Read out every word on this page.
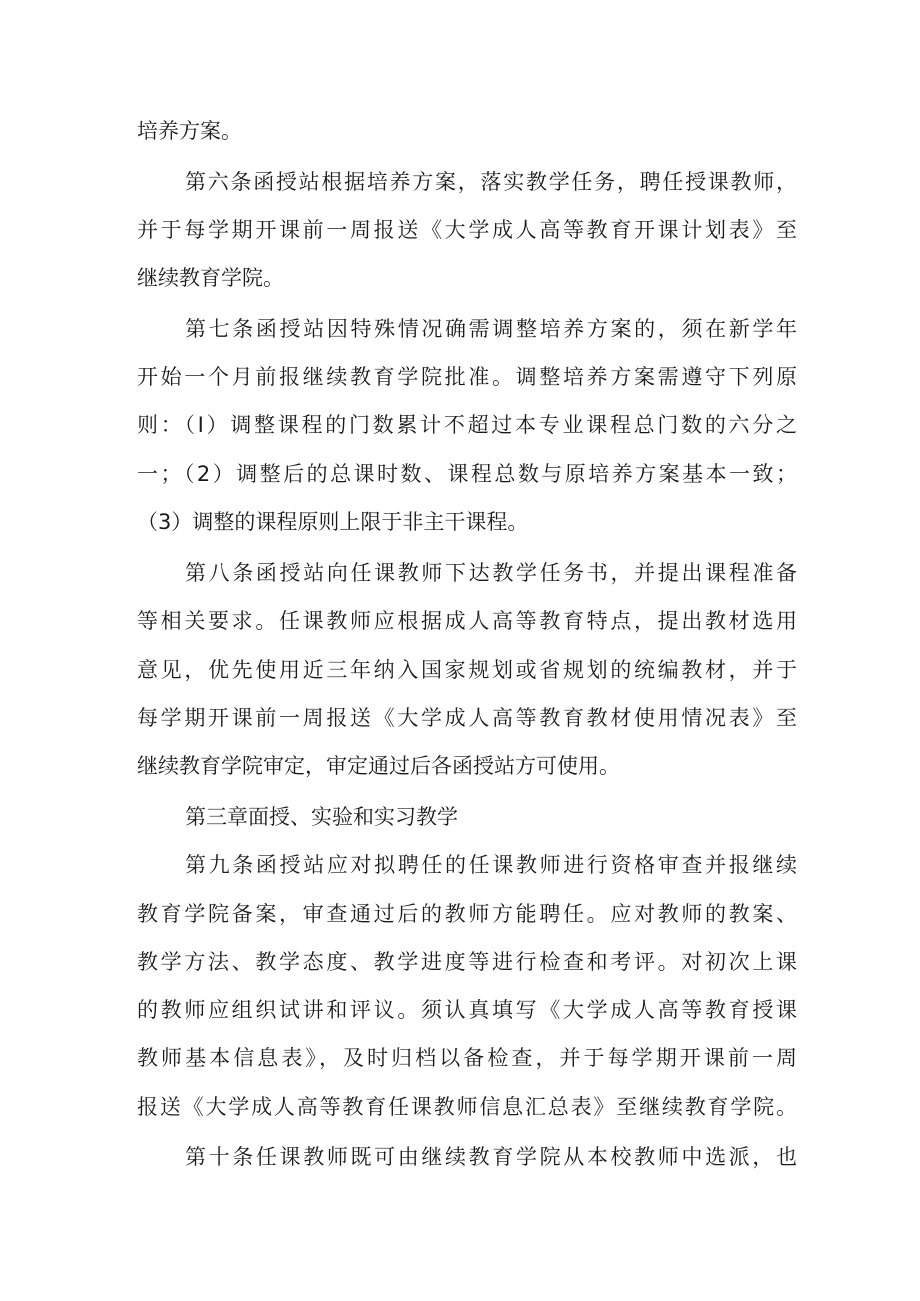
培养方案。
第六条函授站根据培养方案，落实教学任务，聘任授课教师，
并于每学期开课前一周报送《大学成人高等教育开课计划表》至
继续教育学院。
第七条函授站因特殊情况确需调整培养方案的，须在新学年
开始一个月前报继续教育学院批准。调整培养方案需遵守下列原
则：（I）调整课程的门数累计不超过本专业课程总门数的六分之
一；（2）调整后的总课时数、课程总数与原培养方案基本一致；
（3）调整的课程原则上限于非主干课程。
第八条函授站向任课教师下达教学任务书，并提出课程准备
等相关要求。任课教师应根据成人高等教育特点，提出教材选用
意见，优先使用近三年纳入国家规划或省规划的统编教材，并于
每学期开课前一周报送《大学成人高等教育教材使用情况表》至
继续教育学院审定，审定通过后各函授站方可使用。
第三章面授、实验和实习教学
第九条函授站应对拟聘任的任课教师进行资格审查并报继续
教育学院备案，审查通过后的教师方能聘任。应对教师的教案、
教学方法、教学态度、教学进度等进行检查和考评。对初次上课
的教师应组织试讲和评议。须认真填写《大学成人高等教育授课
教师基本信息表》，及时归档以备检查，并于每学期开课前一周
报送《大学成人高等教育任课教师信息汇总表》至继续教育学院。
第十条任课教师既可由继续教育学院从本校教师中选派，也
